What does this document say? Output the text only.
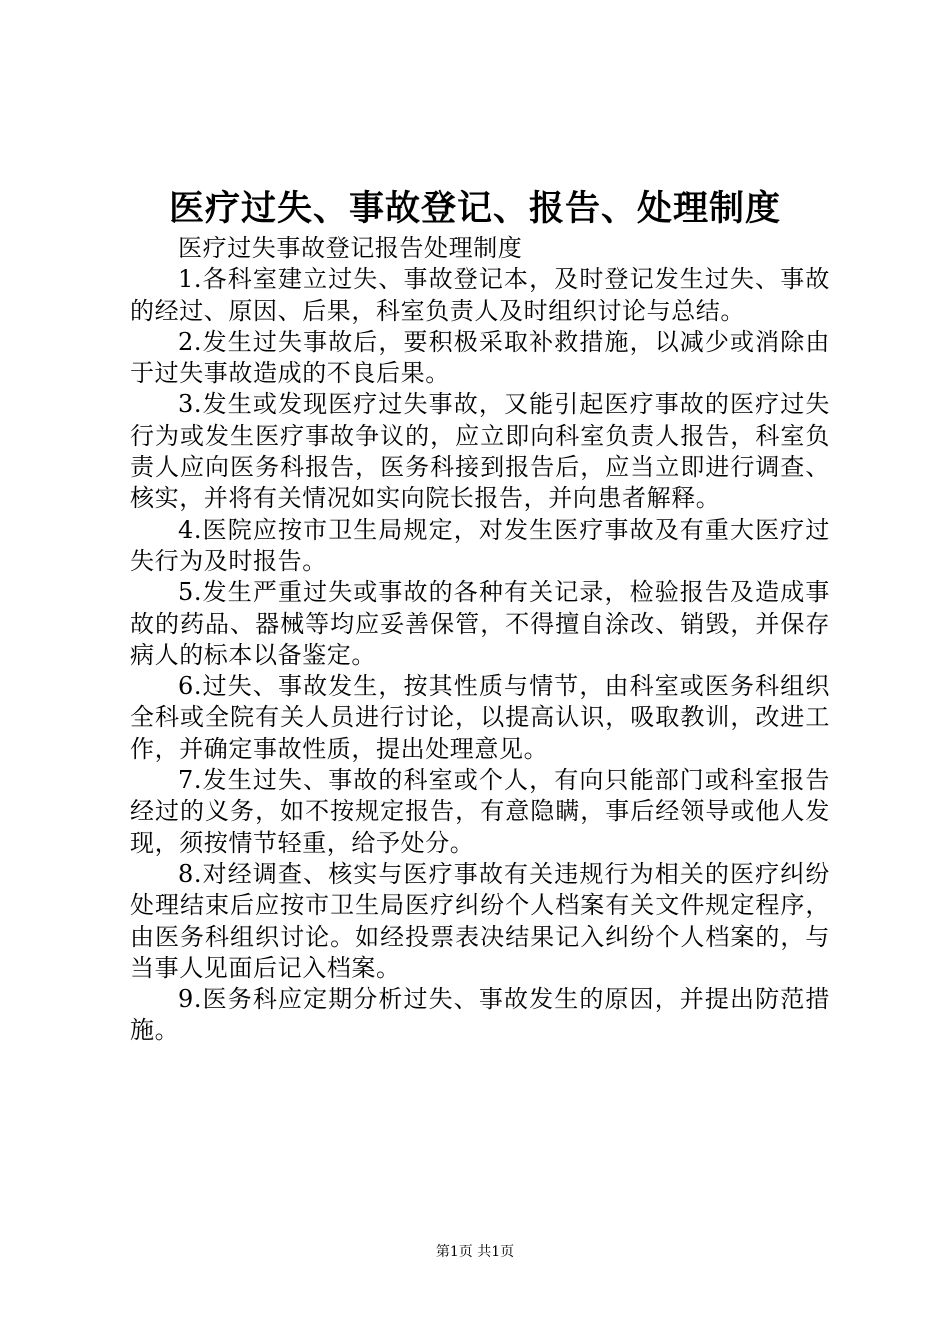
医疗过失、事故登记、报告、处理制度

医疗过失事故登记报告处理制度

1.各科室建立过失、事故登记本，及时登记发生过失、事故的经过、原因、后果，科室负责人及时组织讨论与总结。

2.发生过失事故后，要积极采取补救措施，以减少或消除由于过失事故造成的不良后果。

3.发生或发现医疗过失事故，又能引起医疗事故的医疗过失行为或发生医疗事故争议的，应立即向科室负责人报告，科室负责人应向医务科报告，医务科接到报告后，应当立即进行调查、核实，并将有关情况如实向院长报告，并向患者解释。

4.医院应按市卫生局规定，对发生医疗事故及有重大医疗过失行为及时报告。

5.发生严重过失或事故的各种有关记录，检验报告及造成事故的药品、器械等均应妥善保管，不得擅自涂改、销毁，并保存病人的标本以备鉴定。

6.过失、事故发生，按其性质与情节，由科室或医务科组织全科或全院有关人员进行讨论，以提高认识，吸取教训，改进工作，并确定事故性质，提出处理意见。

7.发生过失、事故的科室或个人，有向只能部门或科室报告经过的义务，如不按规定报告，有意隐瞒，事后经领导或他人发现，须按情节轻重，给予处分。

8.对经调查、核实与医疗事故有关违规行为相关的医疗纠纷处理结束后应按市卫生局医疗纠纷个人档案有关文件规定程序，由医务科组织讨论。如经投票表决结果记入纠纷个人档案的，与当事人见面后记入档案。

9.医务科应定期分析过失、事故发生的原因，并提出防范措施。

第1页 共1页
